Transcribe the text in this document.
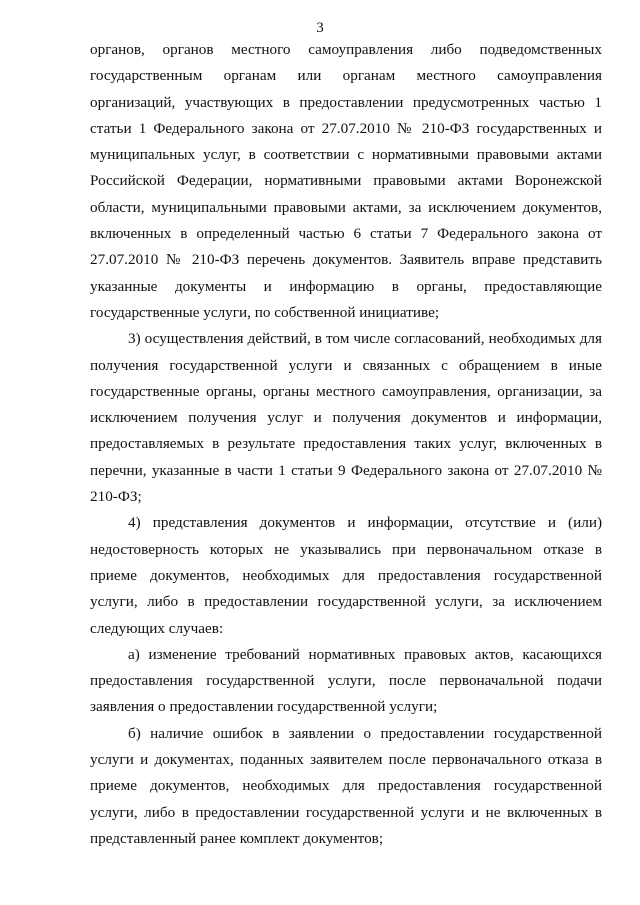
3

органов, органов местного самоуправления либо подведомственных государственным органам или органам местного самоуправления организаций, участвующих в предоставлении предусмотренных частью 1 статьи 1 Федерального закона от 27.07.2010 № 210-ФЗ государственных и муниципальных услуг, в соответствии с нормативными правовыми актами Российской Федерации, нормативными правовыми актами Воронежской области, муниципальными правовыми актами, за исключением документов, включенных в определенный частью 6 статьи 7 Федерального закона от 27.07.2010 № 210-ФЗ перечень документов. Заявитель вправе представить указанные документы и информацию в органы, предоставляющие государственные услуги, по собственной инициативе;

3) осуществления действий, в том числе согласований, необходимых для получения государственной услуги и связанных с обращением в иные государственные органы, органы местного самоуправления, организации, за исключением получения услуг и получения документов и информации, предоставляемых в результате предоставления таких услуг, включенных в перечни, указанные в части 1 статьи 9 Федерального закона от 27.07.2010 № 210-ФЗ;

4) представления документов и информации, отсутствие и (или) недостоверность которых не указывались при первоначальном отказе в приеме документов, необходимых для предоставления государственной услуги, либо в предоставлении государственной услуги, за исключением следующих случаев:

а) изменение требований нормативных правовых актов, касающихся предоставления государственной услуги, после первоначальной подачи заявления о предоставлении государственной услуги;

б) наличие ошибок в заявлении о предоставлении государственной услуги и документах, поданных заявителем после первоначального отказа в приеме документов, необходимых для предоставления государственной услуги, либо в предоставлении государственной услуги и не включенных в представленный ранее комплект документов;
